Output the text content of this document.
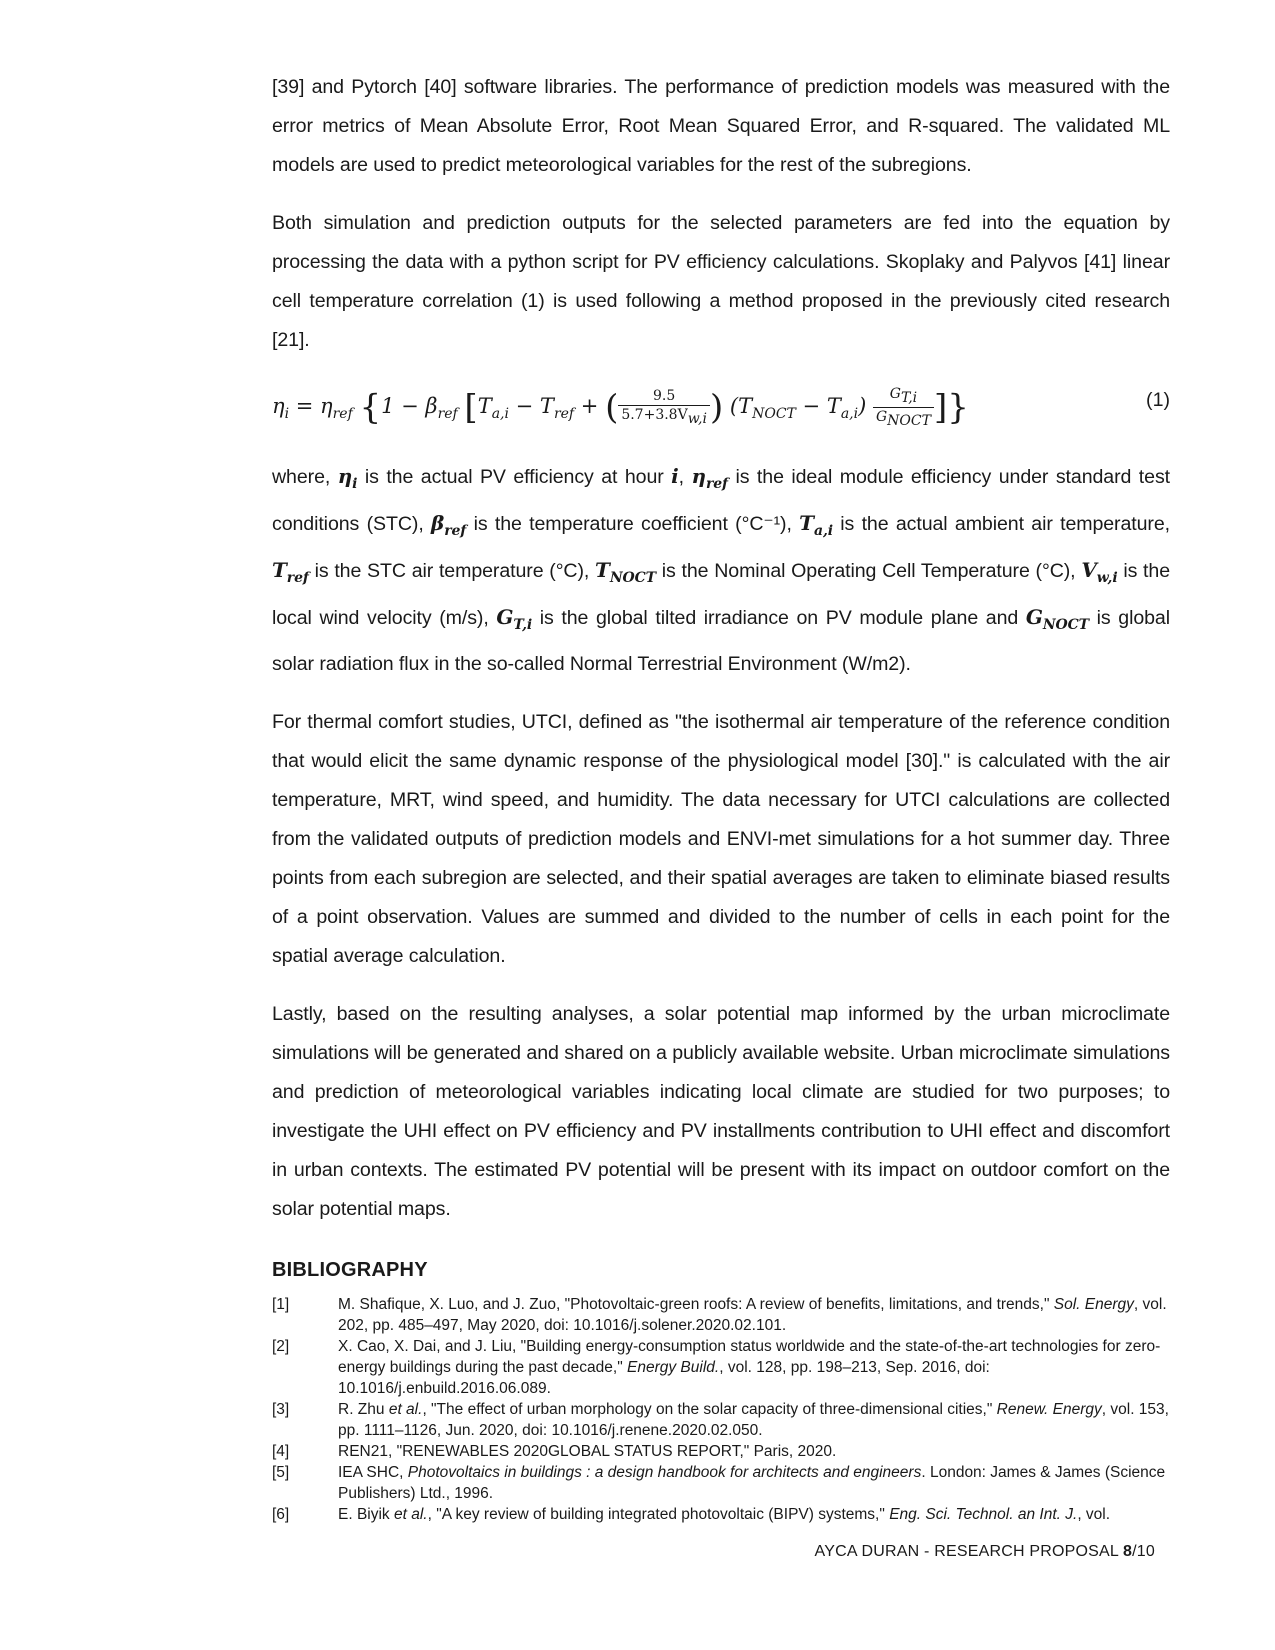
[39] and Pytorch [40] software libraries. The performance of prediction models was measured with the error metrics of Mean Absolute Error, Root Mean Squared Error, and R-squared. The validated ML models are used to predict meteorological variables for the rest of the subregions.

Both simulation and prediction outputs for the selected parameters are fed into the equation by processing the data with a python script for PV efficiency calculations. Skoplaky and Palyvos [41] linear cell temperature correlation (1) is used following a method proposed in the previously cited research [21].

$\eta_i = \eta_{ref}$ {$1 - \beta_{ref}$ [$T_{a,i} - T_{ref}$ + ( $\frac{9.5}{5.7+3.8V_{w,i}}$ ) $(T_{NOCT} - T_{a,i}) \frac{G_{T,i}}{G_{NOCT}}$ ]}	(1)

where, $\eta_i$ is the actual PV efficiency at hour i, $\eta_{ref}$ is the ideal module efficiency under standard test conditions (STC), $\beta_{ref}$ is the temperature coefficient (°C⁻¹), $T_{a,i}$ is the actual ambient air temperature, $T_{ref}$ is the STC air temperature (°C), $T_{NOCT}$ is the Nominal Operating Cell Temperature (°C), $V_{w,i}$ is the local wind velocity (m/s), $G_{T,i}$ is the global tilted irradiance on PV module plane and $G_{NOCT}$ is global solar radiation flux in the so-called Normal Terrestrial Environment (W/m2).

For thermal comfort studies, UTCI, defined as "the isothermal air temperature of the reference condition that would elicit the same dynamic response of the physiological model [30]." is calculated with the air temperature, MRT, wind speed, and humidity. The data necessary for UTCI calculations are collected from the validated outputs of prediction models and ENVI-met simulations for a hot summer day. Three points from each subregion are selected, and their spatial averages are taken to eliminate biased results of a point observation. Values are summed and divided to the number of cells in each point for the spatial average calculation.

Lastly, based on the resulting analyses, a solar potential map informed by the urban microclimate simulations will be generated and shared on a publicly available website. Urban microclimate simulations and prediction of meteorological variables indicating local climate are studied for two purposes; to investigate the UHI effect on PV efficiency and PV installments contribution to UHI effect and discomfort in urban contexts. The estimated PV potential will be present with its impact on outdoor comfort on the solar potential maps.

BIBLIOGRAPHY
[1]	M. Shafique, X. Luo, and J. Zuo, "Photovoltaic-green roofs: A review of benefits, limitations, and trends," Sol. Energy, vol. 202, pp. 485–497, May 2020, doi: 10.1016/j.solener.2020.02.101.
[2]	X. Cao, X. Dai, and J. Liu, "Building energy-consumption status worldwide and the state-of-the-art technologies for zero-energy buildings during the past decade," Energy Build., vol. 128, pp. 198–213, Sep. 2016, doi: 10.1016/j.enbuild.2016.06.089.
[3]	R. Zhu et al., "The effect of urban morphology on the solar capacity of three-dimensional cities," Renew. Energy, vol. 153, pp. 1111–1126, Jun. 2020, doi: 10.1016/j.renene.2020.02.050.
[4]	REN21, "RENEWABLES 2020GLOBAL STATUS REPORT," Paris, 2020.
[5]	IEA SHC, Photovoltaics in buildings : a design handbook for architects and engineers. London: James & James (Science Publishers) Ltd., 1996.
[6]	E. Biyik et al., "A key review of building integrated photovoltaic (BIPV) systems," Eng. Sci. Technol. an Int. J., vol.
AYCA DURAN - RESEARCH PROPOSAL 8/10
